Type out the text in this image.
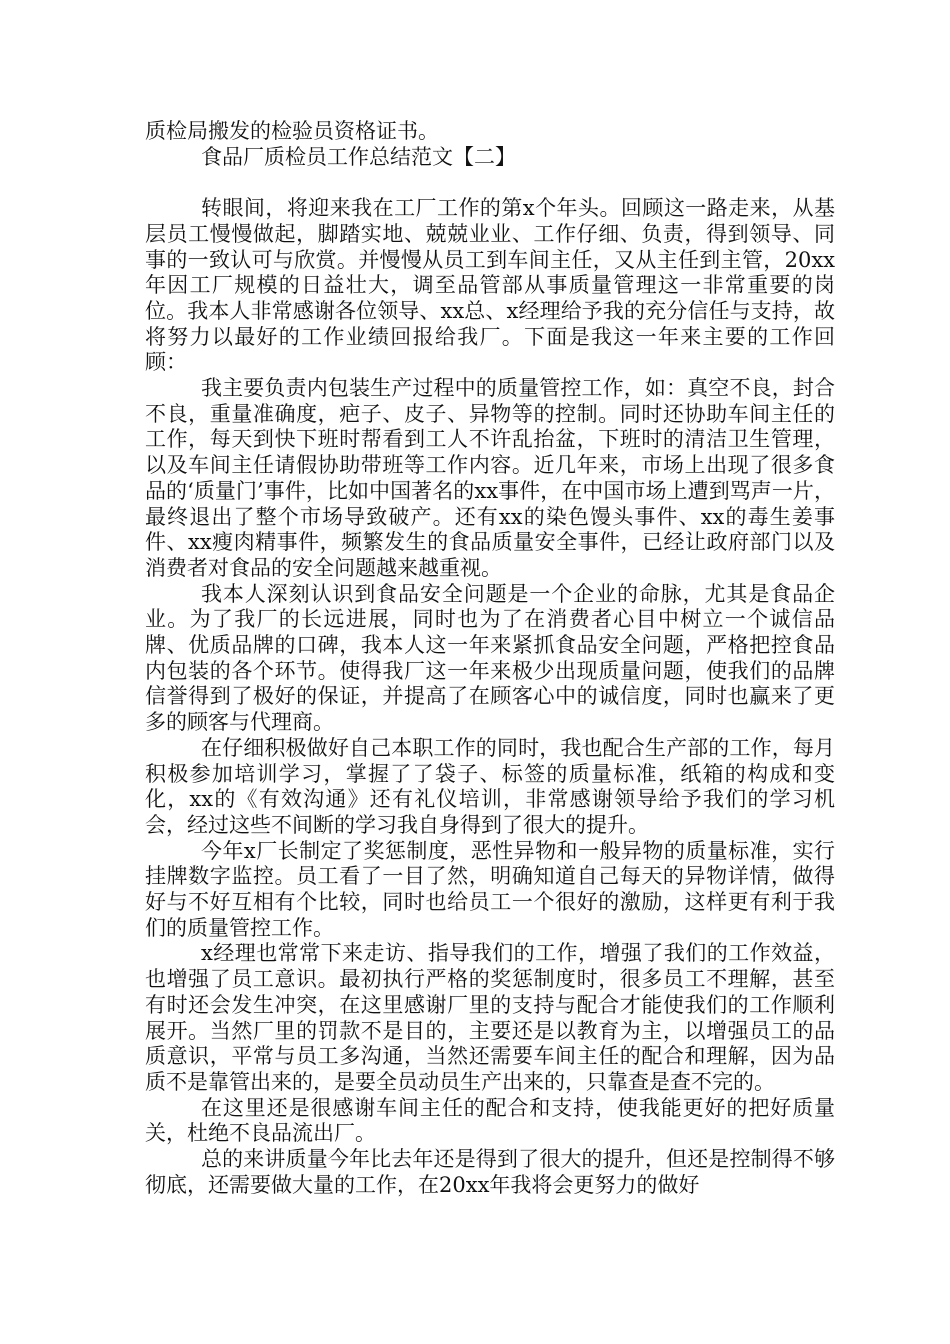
质检局搬发的检验员资格证书。

食品厂质检员工作总结范文【二】

转眼间，将迎来我在工厂工作的第x个年头。回顾这一路走来，从基层员工慢慢做起，脚踏实地、兢兢业业、工作仔细、负责，得到领导、同事的一致认可与欣赏。并慢慢从员工到车间主任，又从主任到主管，20xx年因工厂规模的日益壮大，调至品管部从事质量管理这一非常重要的岗位。我本人非常感谢各位领导、xx总、x经理给予我的充分信任与支持，故将努力以最好的工作业绩回报给我厂。下面是我这一年来主要的工作回顾：

我主要负责内包装生产过程中的质量管控工作，如：真空不良，封合不良，重量准确度，疤子、皮子、异物等的控制。同时还协助车间主任的工作，每天到快下班时帮看到工人不许乱抬盆，下班时的清洁卫生管理，以及车间主任请假协助带班等工作内容。近几年来，市场上出现了很多食品的‘质量门’事件，比如中国著名的xx事件，在中国市场上遭到骂声一片，最终退出了整个市场导致破产。还有xx的染色馒头事件、xx的毒生姜事件、xx瘦肉精事件，频繁发生的食品质量安全事件，已经让政府部门以及消费者对食品的安全问题越来越重视。

我本人深刻认识到食品安全问题是一个企业的命脉，尤其是食品企业。为了我厂的长远进展，同时也为了在消费者心目中树立一个诚信品牌、优质品牌的口碑，我本人这一年来紧抓食品安全问题，严格把控食品内包装的各个环节。使得我厂这一年来极少出现质量问题，使我们的品牌信誉得到了极好的保证，并提高了在顾客心中的诚信度，同时也赢来了更多的顾客与代理商。

在仔细积极做好自己本职工作的同时，我也配合生产部的工作，每月积极参加培训学习，掌握了了袋子、标签的质量标准，纸箱的构成和变化，xx的《有效沟通》还有礼仪培训，非常感谢领导给予我们的学习机会，经过这些不间断的学习我自身得到了很大的提升。

今年x厂长制定了奖惩制度，恶性异物和一般异物的质量标准，实行挂牌数字监控。员工看了一目了然，明确知道自己每天的异物详情，做得好与不好互相有个比较，同时也给员工一个很好的激励，这样更有利于我们的质量管控工作。

x经理也常常下来走访、指导我们的工作，增强了我们的工作效益，也增强了员工意识。最初执行严格的奖惩制度时，很多员工不理解，甚至有时还会发生冲突，在这里感谢厂里的支持与配合才能使我们的工作顺利展开。当然厂里的罚款不是目的，主要还是以教育为主，以增强员工的品质意识，平常与员工多沟通，当然还需要车间主任的配合和理解，因为品质不是靠管出来的，是要全员动员生产出来的，只靠查是查不完的。

在这里还是很感谢车间主任的配合和支持，使我能更好的把好质量关，杜绝不良品流出厂。

总的来讲质量今年比去年还是得到了很大的提升，但还是控制得不够彻底，还需要做大量的工作，在20xx年我将会更努力的做好
